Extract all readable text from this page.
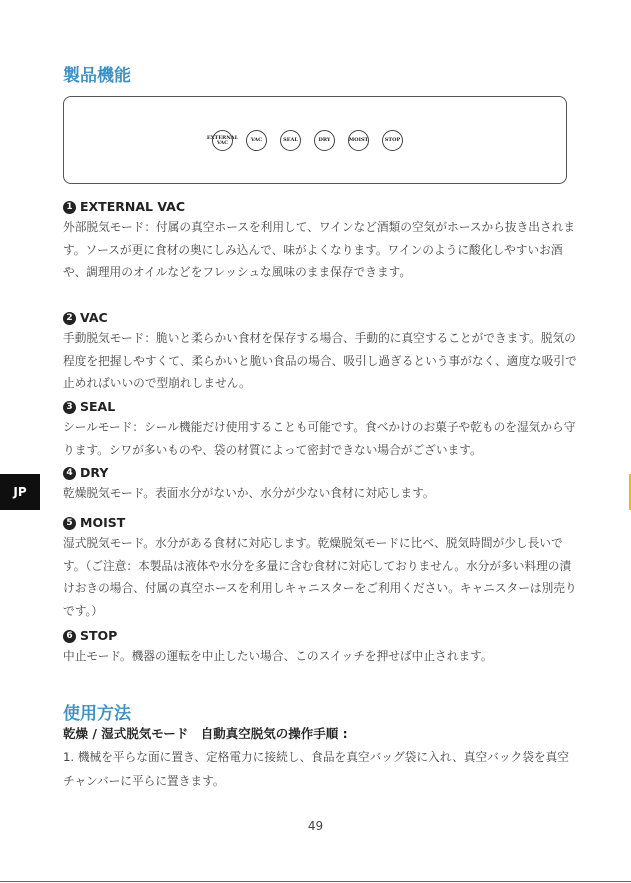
製品機能
EXTERNAL
VAC	VAC	SEAL	DRY	MOIST	STOP
1 EXTERNAL VAC

外部脱気モード：付属の真空ホースを利用して、ワインなど酒類の空気がホースから抜き出されます。ソースが更に食材の奥にしみ込んで、味がよくなります。ワインのように酸化しやすいお酒や、調理用のオイルなどをフレッシュな風味のまま保存できます。

2 VAC

手動脱気モード：脆いと柔らかい食材を保存する場合、手動的に真空することができます。脱気の程度を把握しやすくて、柔らかいと脆い食品の場合、吸引し過ぎるという事がなく、適度な吸引で止めればいいので型崩れしません。

3 SEAL

シールモード：シール機能だけ使用することも可能です。食べかけのお菓子や乾ものを湿気から守ります。シワが多いものや、袋の材質によって密封できない場合がございます。

4 DRY

乾燥脱気モード。表面水分がないか、水分が少ない食材に対応します。

5 MOIST

湿式脱気モード。水分がある食材に対応します。乾燥脱気モードに比べ、脱気時間が少し長いです。（ご注意：本製品は液体や水分を多量に含む食材に対応しておりません。水分が多い料理の漬けおきの場合、付属の真空ホースを利用しキャニスターをご利用ください。キャニスターは別売りです。）

6 STOP

中止モード。機器の運転を中止したい場合、このスイッチを押せば中止されます。

使用方法
乾燥 / 湿式脱気モード　自動真空脱気の操作手順 :

1. 機械を平らな面に置き、定格電力に接続し、食品を真空バッグ袋に入れ、真空バック袋を真空チャンバーに平らに置きます。

JP
49
